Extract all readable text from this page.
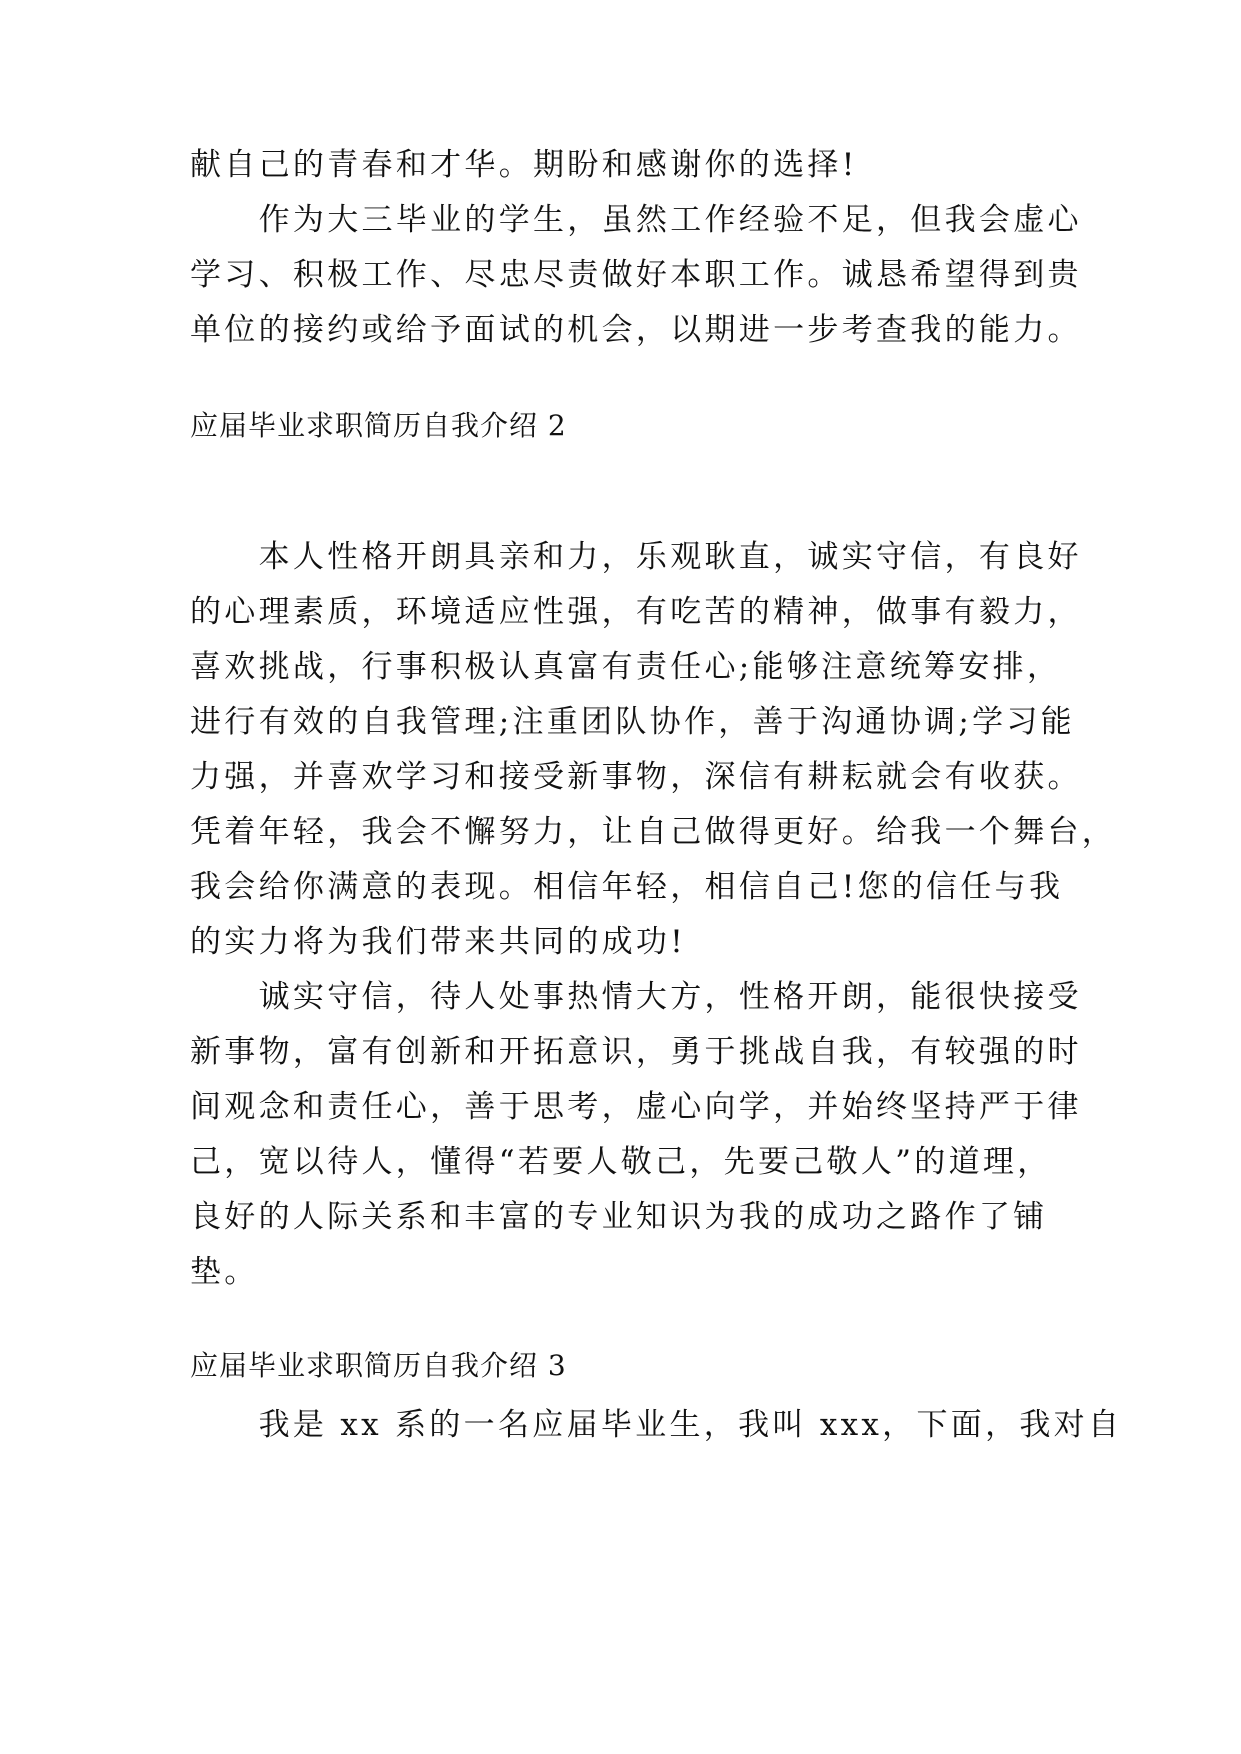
献自己的青春和才华。期盼和感谢你的选择!
　　作为大三毕业的学生，虽然工作经验不足，但我会虚心
学习、积极工作、尽忠尽责做好本职工作。诚恳希望得到贵
单位的接约或给予面试的机会，以期进一步考查我的能力。
应届毕业求职简历自我介绍 2
　　本人性格开朗具亲和力，乐观耿直，诚实守信，有良好
的心理素质，环境适应性强，有吃苦的精神，做事有毅力，
喜欢挑战，行事积极认真富有责任心;能够注意统筹安排，
进行有效的自我管理;注重团队协作，善于沟通协调;学习能
力强，并喜欢学习和接受新事物，深信有耕耘就会有收获。
凭着年轻，我会不懈努力，让自己做得更好。给我一个舞台，
我会给你满意的表现。相信年轻，相信自己!您的信任与我
的实力将为我们带来共同的成功!
　　诚实守信，待人处事热情大方，性格开朗，能很快接受
新事物，富有创新和开拓意识，勇于挑战自我，有较强的时
间观念和责任心，善于思考，虚心向学，并始终坚持严于律
己，宽以待人，懂得“若要人敬己，先要己敬人”的道理，
良好的人际关系和丰富的专业知识为我的成功之路作了铺
垫。
应届毕业求职简历自我介绍 3
　　我是 xx 系的一名应届毕业生，我叫 xxx，下面，我对自
